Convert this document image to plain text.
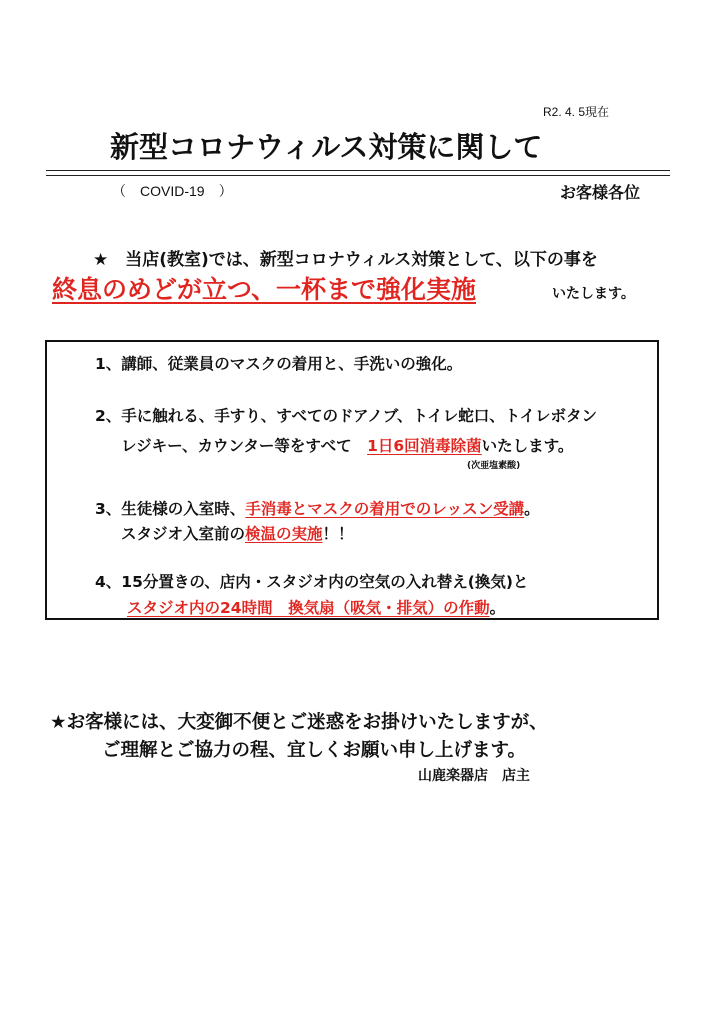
R2. 4. 5現在
新型コロナウィルス対策に関して
（　COVID-19　）	お客様各位
★　当店(教室)では、新型コロナウィルス対策として、以下の事を
終息のめどが立つ、一杯まで強化実施	いたします。
1、講師、従業員のマスクの着用と、手洗いの強化。
2、手に触れる、手すり、すべてのドアノブ、トイレ蛇口、トイレボタン
レジキー、カウンター等をすべて　1日6回消毒除菌いたします。
(次亜塩素酸)
3、生徒様の入室時、手消毒とマスクの着用でのレッスン受講。
スタジオ入室前の検温の実施！！
4、15分置きの、店内・スタジオ内の空気の入れ替え(換気)と
スタジオ内の24時間　換気扇（吸気・排気）の作動。
★お客様には、大変御不便とご迷惑をお掛けいたしますが、
ご理解とご協力の程、宜しくお願い申し上げます。
山鹿楽器店　店主
